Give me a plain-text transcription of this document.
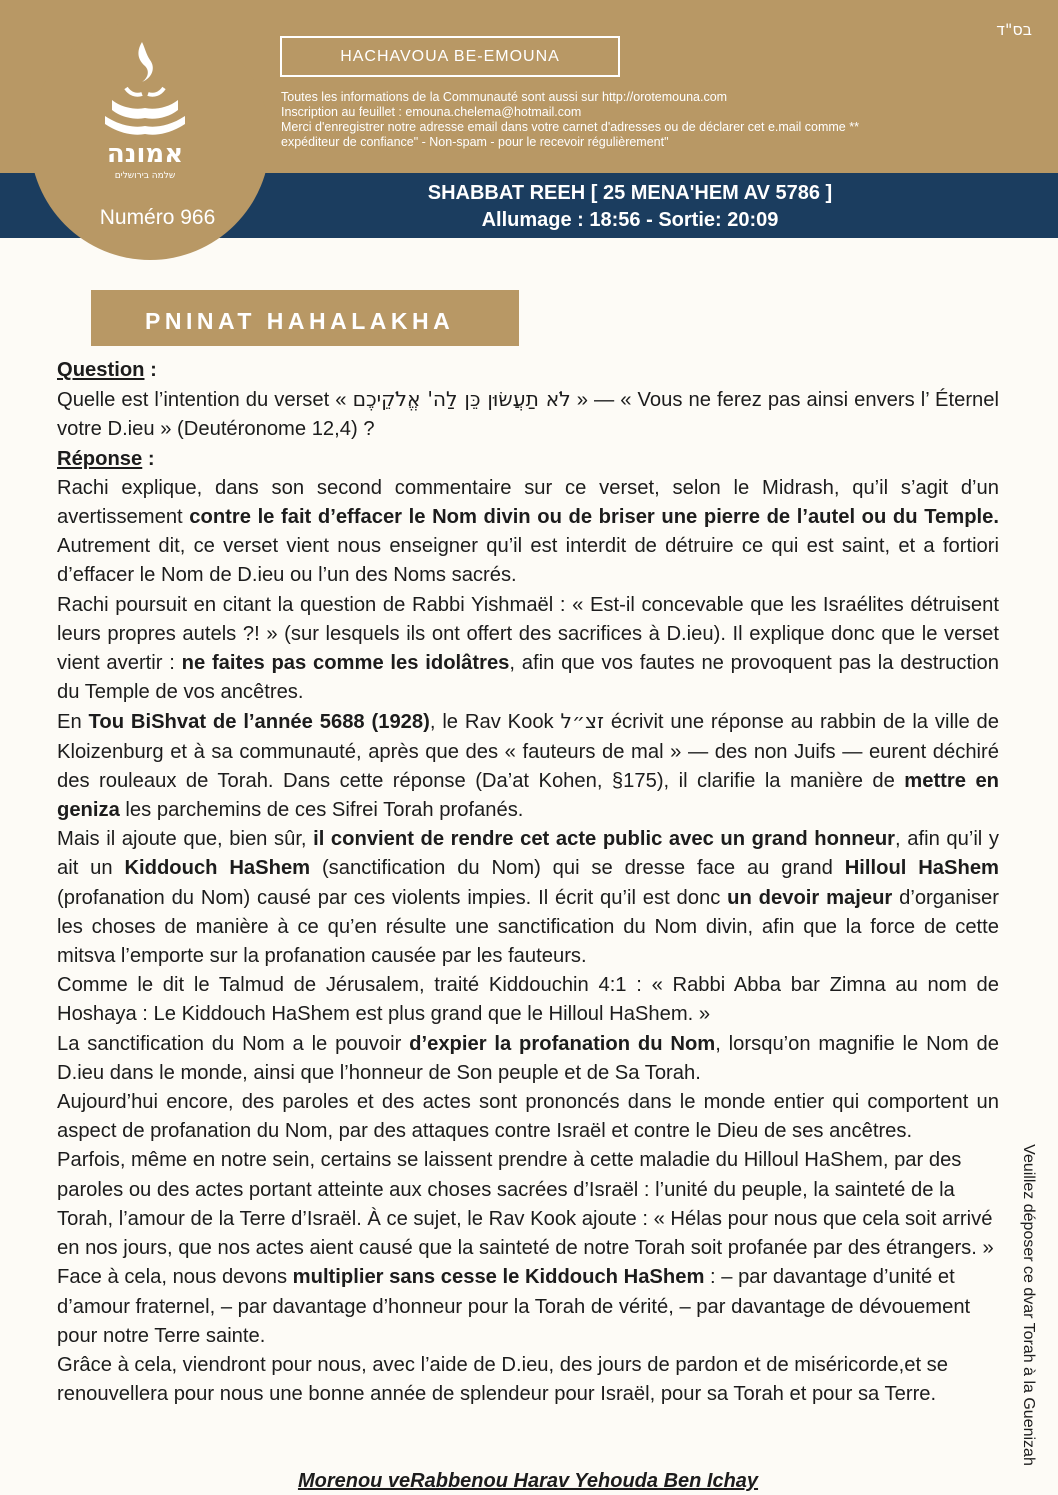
אמונה
שלמה בירושלים
Numéro 966
בס"ד
HACHAVOUA BE-EMOUNA
Toutes les informations de la Communauté sont aussi sur http://orotemouna.com
Inscription au feuillet : emouna.chelema@hotmail.com
Merci d'enregistrer notre adresse email dans votre carnet d'adresses ou de déclarer cet e.mail comme **
expéditeur de confiance" - Non-spam - pour le recevoir régulièrement"
SHABBAT REEH [ 25 MENA'HEM AV 5786 ]
Allumage : 18:56 - Sortie: 20:09
PNINAT HAHALAKHA

Question :

Quelle est l’intention du verset « לֹא תַעֲשׂוּן כֵּן לַה' אֱלֹקֵיכֶם » — « Vous ne ferez pas ainsi envers l’ Éternel votre D.ieu » (Deutéronome 12,4) ?

Réponse :

Rachi explique, dans son second commentaire sur ce verset, selon le Midrash, qu’il s’agit d’un avertissement contre le fait d’effacer le Nom divin ou de briser une pierre de l’autel ou du Temple. Autrement dit, ce verset vient nous enseigner qu’il est interdit de détruire ce qui est saint, et a fortiori d’effacer le Nom de D.ieu ou l’un des Noms sacrés.

Rachi poursuit en citant la question de Rabbi Yishmaël : « Est-il concevable que les Israélites détruisent leurs propres autels ?! » (sur lesquels ils ont offert des sacrifices à D.ieu). Il explique donc que le verset vient avertir : ne faites pas comme les idolâtres, afin que vos fautes ne provoquent pas la destruction du Temple de vos ancêtres.

En Tou BiShvat de l’année 5688 (1928), le Rav Kook זצ״ל écrivit une réponse au rabbin de la ville de Kloizenburg et à sa communauté, après que des « fauteurs de mal » — des non Juifs — eurent déchiré des rouleaux de Torah. Dans cette réponse (Da’at Kohen, §175), il clarifie la manière de mettre en geniza les parchemins de ces Sifrei Torah profanés.

Mais il ajoute que, bien sûr, il convient de rendre cet acte public avec un grand honneur, afin qu’il y ait un Kiddouch HaShem (sanctification du Nom) qui se dresse face au grand Hilloul HaShem (profanation du Nom) causé par ces violents impies. Il écrit qu’il est donc un devoir majeur d’organiser les choses de manière à ce qu’en résulte une sanctification du Nom divin, afin que la force de cette mitsva l’emporte sur la profanation causée par les fauteurs.

Comme le dit le Talmud de Jérusalem, traité Kiddouchin 4:1 : « Rabbi Abba bar Zimna au nom de Hoshaya : Le Kiddouch HaShem est plus grand que le Hilloul HaShem. »

La sanctification du Nom a le pouvoir d’expier la profanation du Nom, lorsqu’on magnifie le Nom de D.ieu dans le monde, ainsi que l’honneur de Son peuple et de Sa Torah.

Aujourd’hui encore, des paroles et des actes sont prononcés dans le monde entier qui comportent un aspect de profanation du Nom, par des attaques contre Israël et contre le Dieu de ses ancêtres.

Parfois, même en notre sein, certains se laissent prendre à cette maladie du Hilloul HaShem, par des paroles ou des actes portant atteinte aux choses sacrées d’Israël : l’unité du peuple, la sainteté de la Torah, l’amour de la Terre d’Israël. À ce sujet, le Rav Kook ajoute : « Hélas pour nous que cela soit arrivé en nos jours, que nos actes aient causé que la sainteté de notre Torah soit profanée par des étrangers. »

Face à cela, nous devons multiplier sans cesse le Kiddouch HaShem : – par davantage d’unité et d’amour fraternel, – par davantage d’honneur pour la Torah de vérité, – par davantage de dévouement pour notre Terre sainte.

Grâce à cela, viendront pour nous, avec l’aide de D.ieu, des jours de pardon et de miséricorde,et se renouvellera pour nous une bonne année de splendeur pour Israël, pour sa Torah et pour sa Terre.

Morenou veRabbenou Harav Yehouda Ben Ichay
Veuillez déposer ce dvar Torah à la Guenizah
